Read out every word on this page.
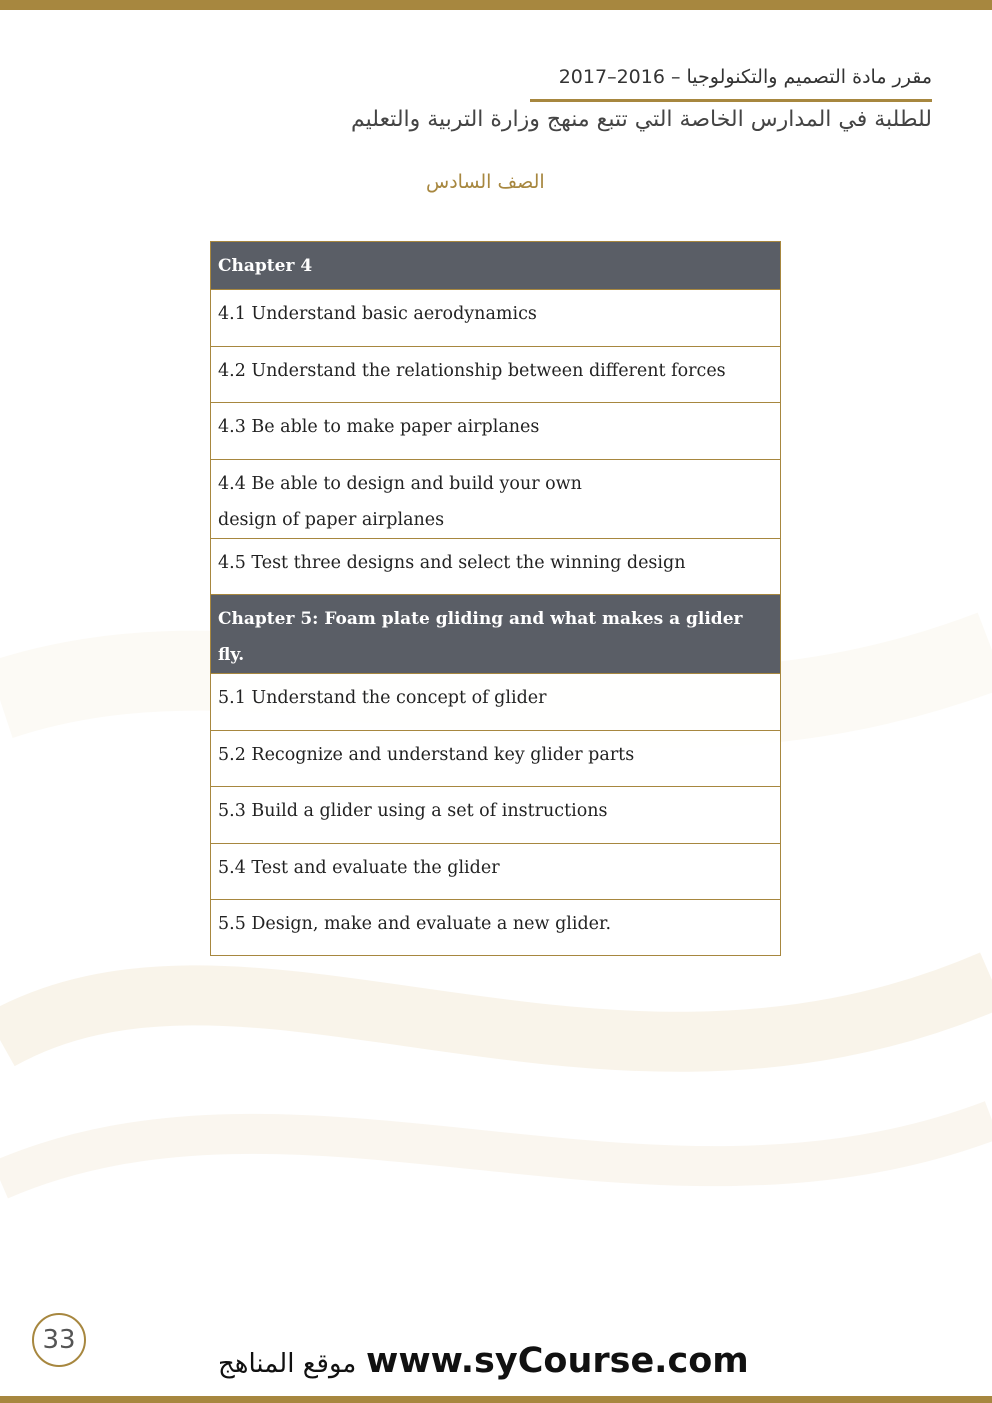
مقرر مادة التصميم والتكنولوجيا – 2016–2017
للطلبة في المدارس الخاصة التي تتبع منهج وزارة التربية والتعليم
الصف السادس
Chapter 4
4.1 Understand basic aerodynamics
4.2 Understand the relationship between different forces
4.3 Be able to make paper airplanes
4.4 Be able to design and build your own
design of paper airplanes
4.5 Test three designs and select the winning design
Chapter 5: Foam plate gliding and what makes a glider fly.
5.1 Understand the concept of glider
5.2 Recognize and understand key glider parts
5.3 Build a glider using a set of instructions
5.4 Test and evaluate the glider
5.5 Design, make and evaluate a new glider.
33
موقع المناهج www.syCourse.com
